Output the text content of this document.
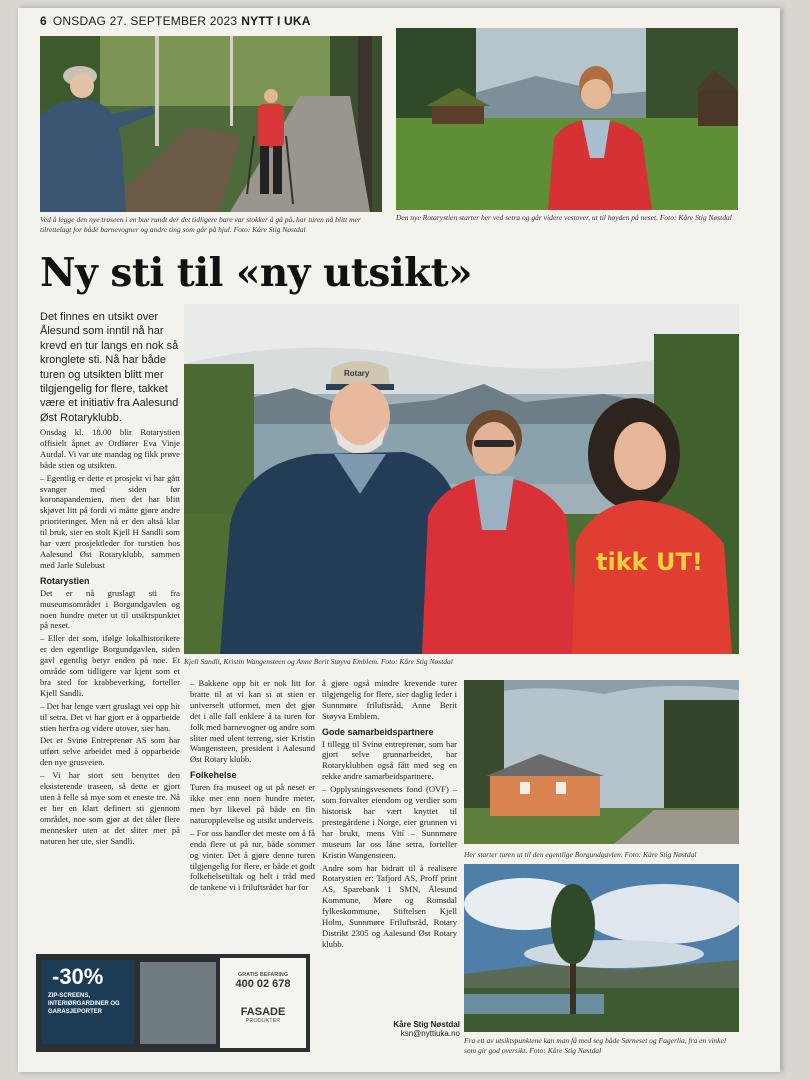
6 ONSDAG 27. SEPTEMBER 2023 NYTT I UKA
Ved å legge den nye traseen i en bue rundt der det tidligere bare var stokker å gå på, har turen nå blitt mer tilrettelagt for både barnevogner og andre ting som går på hjul. Foto: Kåre Stig Nøstdal
Den nye Rotarystien starter her ved setra og går videre vestover, ut til høyden på neset. Foto: Kåre Stig Nøstdal
Ny sti til «ny utsikt»
Det finnes en utsikt over Ålesund som inntil nå har krevd en tur langs en nok så kronglete sti. Nå har både turen og utsikten blitt mer tilgjengelig for flere, takket være et initiativ fra Aalesund Øst Rotaryklubb.
tikk UT!
Rotary
Kjell Sandli, Kristin Wangensteen og Anne Berit Støyva Emblem. Foto: Kåre Stig Nøstdal

Onsdag kl. 18.00 blir Rotarystien offisielt åpnet av Ordfører Eva Vinje Aurdal. Vi var ute mandag og fikk prøve både stien og utsikten.

– Egentlig er dette et prosjekt vi har gått svanger med siden før koronapandemien, men det har blitt skjøvet litt på fordi vi måtte gjøre andre prioriteringer. Men nå er den altså klar til bruk, sier en stolt Kjell H Sandli som har vært prosjektleder for turstien hos Aalesund Øst Rotaryklubb, sammen med Jarle Sulebust

Rotarystien

Det er nå gruslagt sti fra museumsområdet i Borgundgavlen og noen hundre meter ut til utsiktspunktet på neset.

– Eller det som, ifølge lokalhistorikere er den egentlige Borgundgavlen, siden gavl egentlig betyr enden på noe. Et område som tidligere var kjent som et bra sted for krabbeverking, forteller Kjell Sandli.

– Det har lenge vært gruslagt vei opp hit til setra. Det vi har gjort er å opparbeide stien herfra og videre utover, sier han.

Det er Svinø Entreprenør AS som har utført selve arbeidet med å opparbeide den nye grusveien.

– Vi har stort sett benyttet den eksisterende traseen, så dette er gjort uten å felle så mye som et eneste tre. Nå er her en klart definert sti gjennom området, noe som gjør at det tåler flere mennesker uten at det sliter mer på naturen her ute, sier Sandli.

– Bakkene opp hit er nok litt for bratte til at vi kan si at stien er universelt utformet, men det gjør det i alle fall enklere å ta turen for folk med barnevogner og andre som sliter med ulent terreng, sier Kristin Wangensteen, president i Aalesund Øst Rotary klubb.

Folkehelse

Turen fra museet og ut på neset er ikke mer enn noen hundre meter, men byr likevel på både en fin naturopplevelse og utsikt underveis.

– For oss handler det meste om å få enda flere ut på tur, både sommer og vinter. Det å gjøre denne turen tilgjengelig for flere, er både et godt folkehelsetiltak og helt i tråd med de tankene vi i friluftsrådet har for

å gjøre også mindre krevende turer tilgjengelig for flere, sier daglig leder i Sunnmøre friluftsråd, Anne Berit Støyva Emblem.

Gode samarbeidspartnere

I tillegg til Svinø entreprenør, som har gjort selve grunnarbeidet, har Rotaryklubben også fått med seg en rekke andre samarbeidspartnere.

– Opplysningsvesenets fond (OVF) – som forvalter eiendom og verdier som historisk har vært knyttet til prestegårdene i Norge, eier grunnen vi har brukt, mens Vití – Sunnmøre museum lar oss låne setra, forteller Kristin Wangensteen.

Andre som har bidratt til å realisere Rotarystien er: Tafjord AS, Proff print AS, Sparebank 1 SMN, Ålesund Kommune, Møre og Romsdal fylkeskommune, Stiftelsen Kjell Holm, Sunnmøre Friluftsråd, Rotary Distrikt 2305 og Aalesund Øst Rotary klubb.

Kåre Stig Nøstdal
ksn@nyttiuka.no
Her starter turen ut til den egentlige Borgundgavlen. Foto: Kåre Stig Nøstdal
Fra ett av utsiktspunktene kan man få med seg både Sørneset og Fagerlia, fra en vinkel som gir god oversikt. Foto: Kåre Stig Nøstdal
-30%
ZIP-SCREENS, INTERIØRGARDINER OG GARASJEPORTER
GRATIS BEFARING
400 02 678
FASADE
PRODUKTER
